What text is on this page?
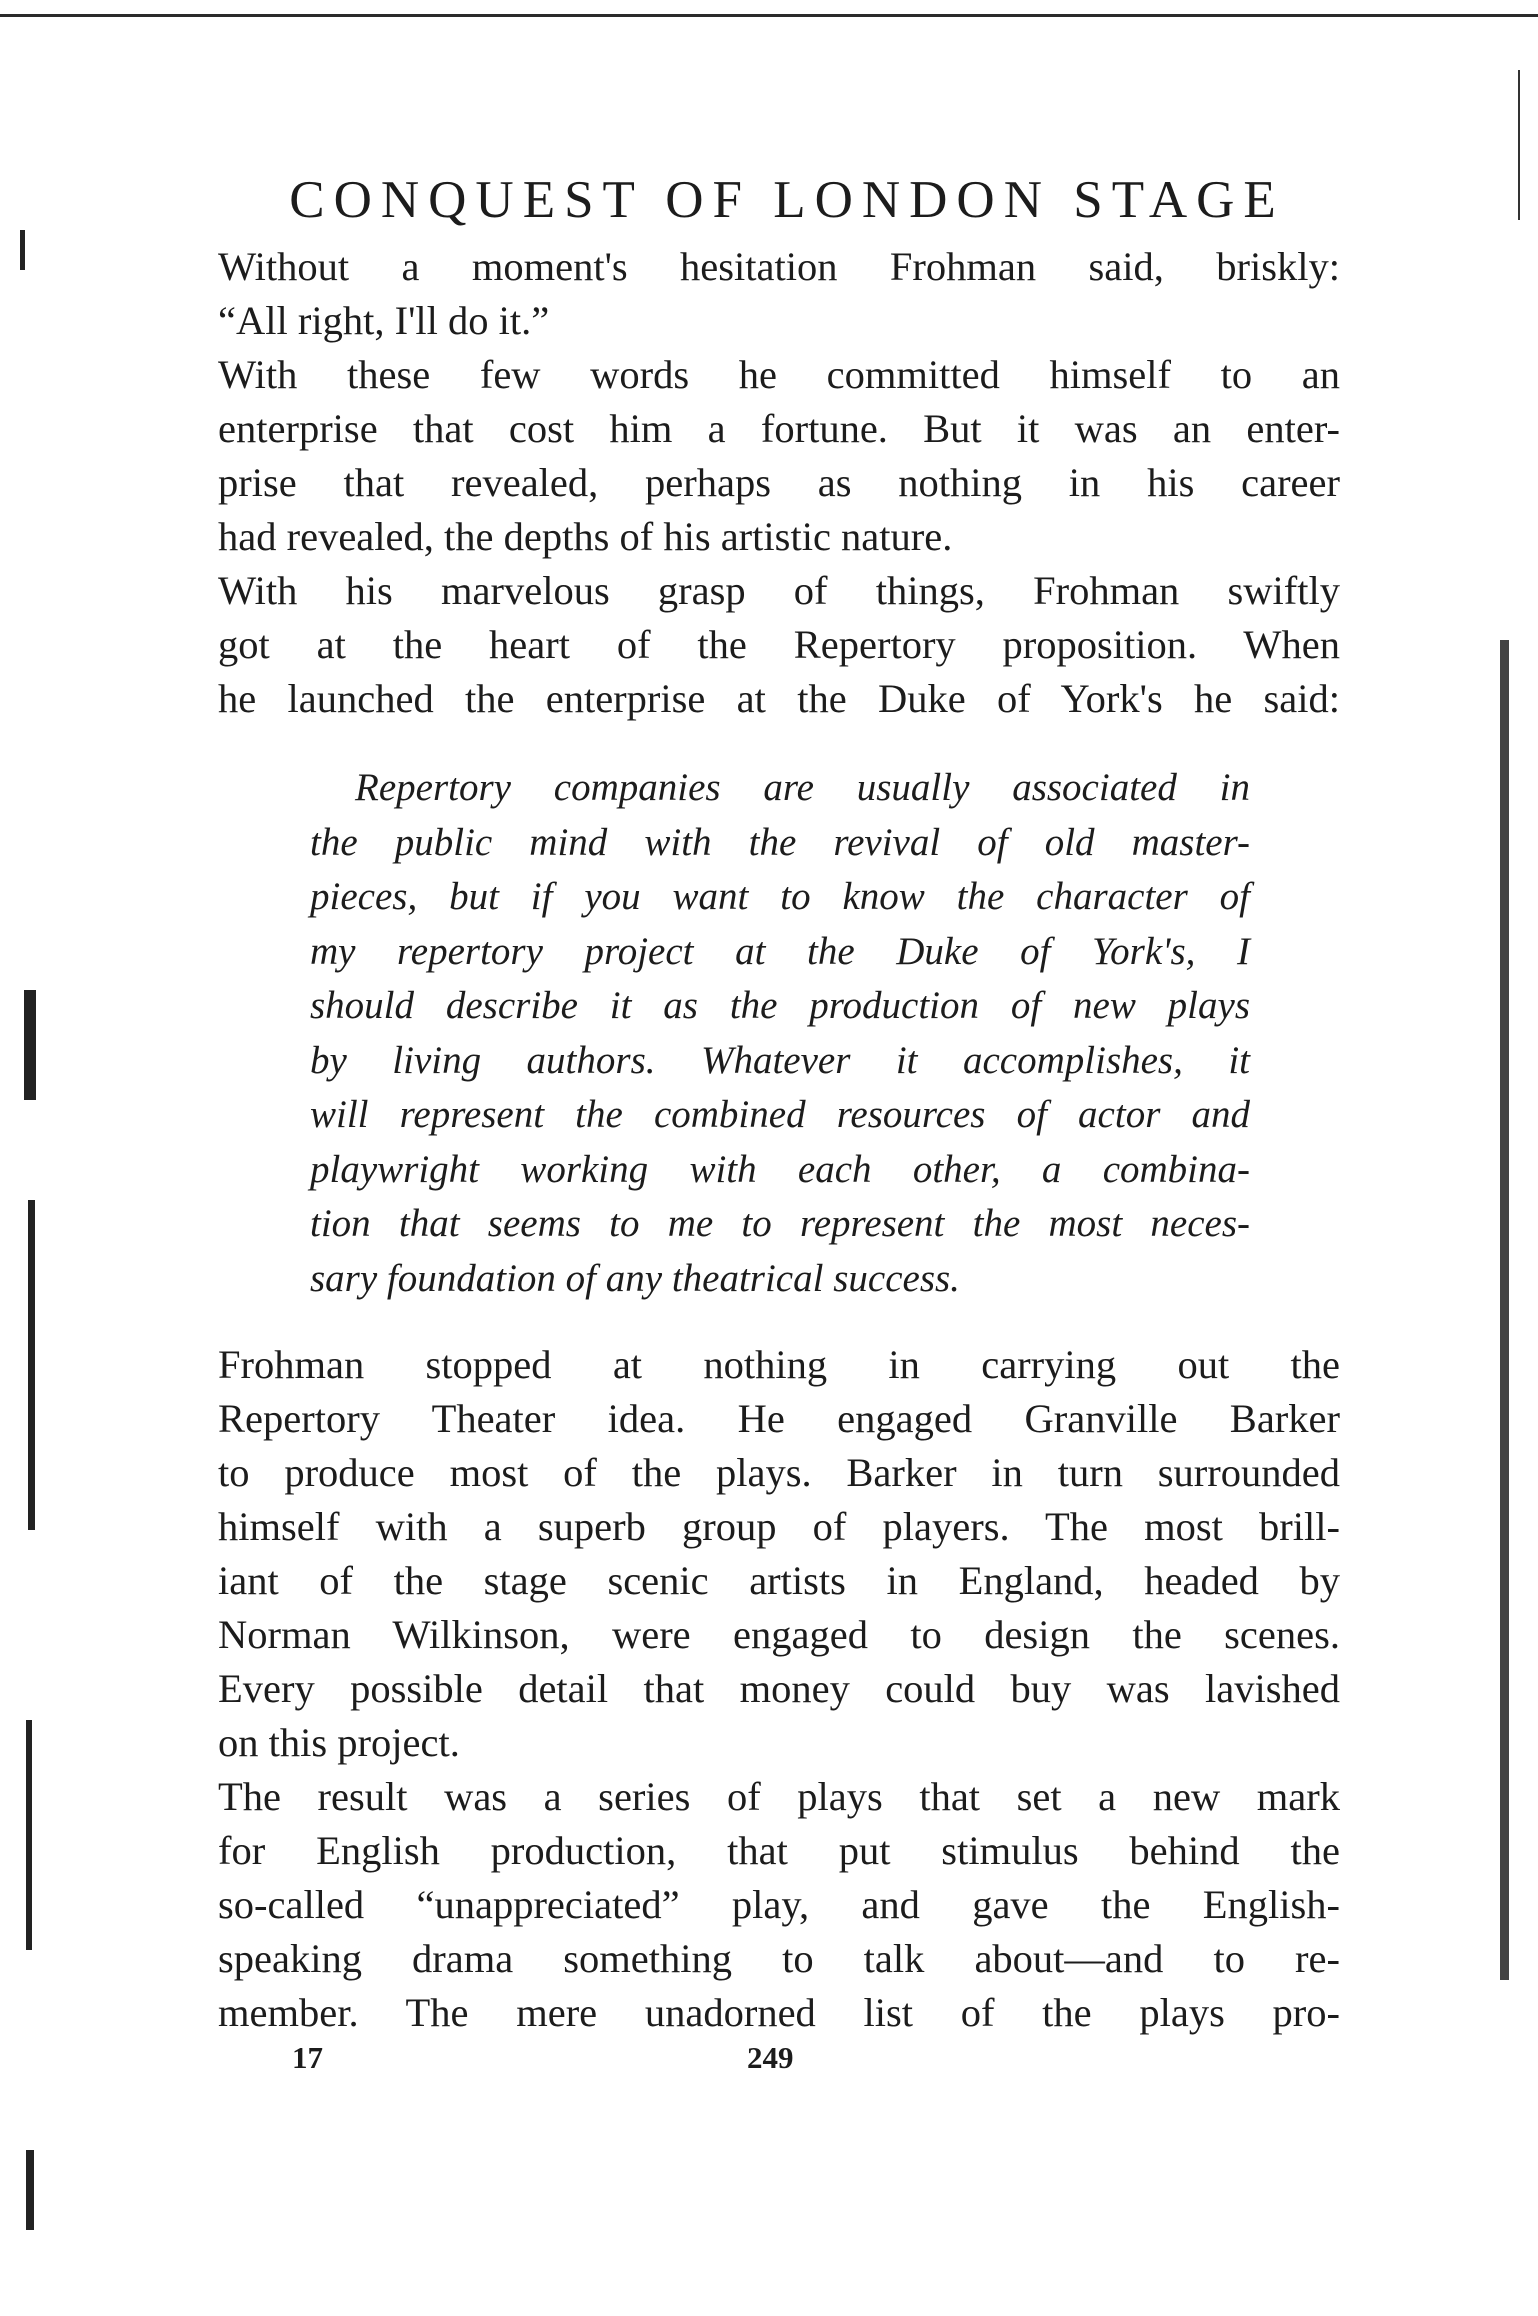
CONQUEST OF LONDON STAGE

Without a moment's hesitation Frohman said, briskly:
“All right, I'll do it.”

With these few words he committed himself to an
enterprise that cost him a fortune. But it was an enter-
prise that revealed, perhaps as nothing in his career
had revealed, the depths of his artistic nature.

With his marvelous grasp of things, Frohman swiftly
got at the heart of the Repertory proposition. When
he launched the enterprise at the Duke of York's he said:

Repertory companies are usually associated in
the public mind with the revival of old master-
pieces, but if you want to know the character of
my repertory project at the Duke of York's, I
should describe it as the production of new plays
by living authors. Whatever it accomplishes, it
will represent the combined resources of actor and
playwright working with each other, a combina-
tion that seems to me to represent the most neces-
sary foundation of any theatrical success.

Frohman stopped at nothing in carrying out the
Repertory Theater idea. He engaged Granville Barker
to produce most of the plays. Barker in turn surrounded
himself with a superb group of players. The most brill-
iant of the stage scenic artists in England, headed by
Norman Wilkinson, were engaged to design the scenes.
Every possible detail that money could buy was lavished
on this project.

The result was a series of plays that set a new mark
for English production, that put stimulus behind the
so-called “unappreciated” play, and gave the English-
speaking drama something to talk about—and to re-
member. The mere unadorned list of the plays pro-

17	249
